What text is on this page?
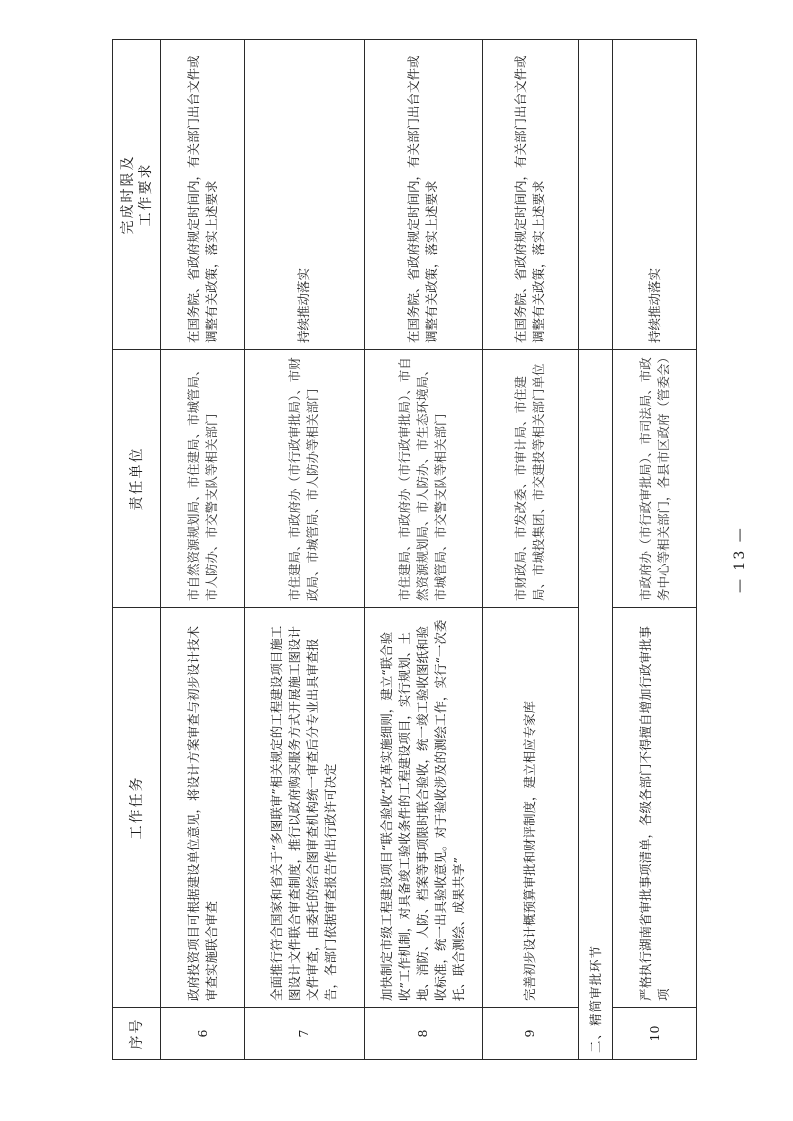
序号	工作任务	责任单位	完成时限及 工作要求
6	政府投资项目可根据建设单位意见，将设计方案审查与初步设计技术审查实施联合审查	市自然资源规划局、市住建局、市城管局、市人防办、市交警支队等相关部门	在国务院、省政府规定时间内，有关部门出台文件或调整有关政策，落实上述要求
7	全面推行符合国家和省关于“多图联审”相关规定的工程建设项目施工图设计文件联合审查制度，推行以政府购买服务方式开展施工图设计文件审查，由委托的综合图审查机构统一审查后分专业出具审查报告，各部门依据审查报告作出行政许可决定	市住建局、市政府办（市行政审批局）、市财政局、市城管局、市人防办等相关部门	持续推动落实
8	加快制定市级工程建设项目“联合验收”改革实施细则，建立“联合验收”工作机制，对具备竣工验收条件的工程建设项目，实行规划、土地、消防、人防、档案等事项限时联合验收，统一竣工验收图纸和验收标准，统一出具验收意见。对于验收涉及的测绘工作，实行“一次委托、联合测绘、成果共享”	市住建局、市政府办（市行政审批局）、市自然资源规划局、市人防办、市生态环境局、市城管局、市交警支队等相关部门	在国务院、省政府规定时间内，有关部门出台文件或调整有关政策，落实上述要求
9	完善初步设计概预算审批和财评制度，建立相应专家库	市财政局、市发改委、市审计局、市住建局、市城投集团、市交建投等相关部门单位	在国务院、省政府规定时间内，有关部门出台文件或调整有关政策，落实上述要求
二、精简审批环节			
10	严格执行湖南省审批事项清单，各级各部门不得擅自增加行政审批事项	市政府办（市行政审批局）、市司法局、市政务中心等相关部门，各县市区政府（管委会）	持续推动落实
— 13 —
